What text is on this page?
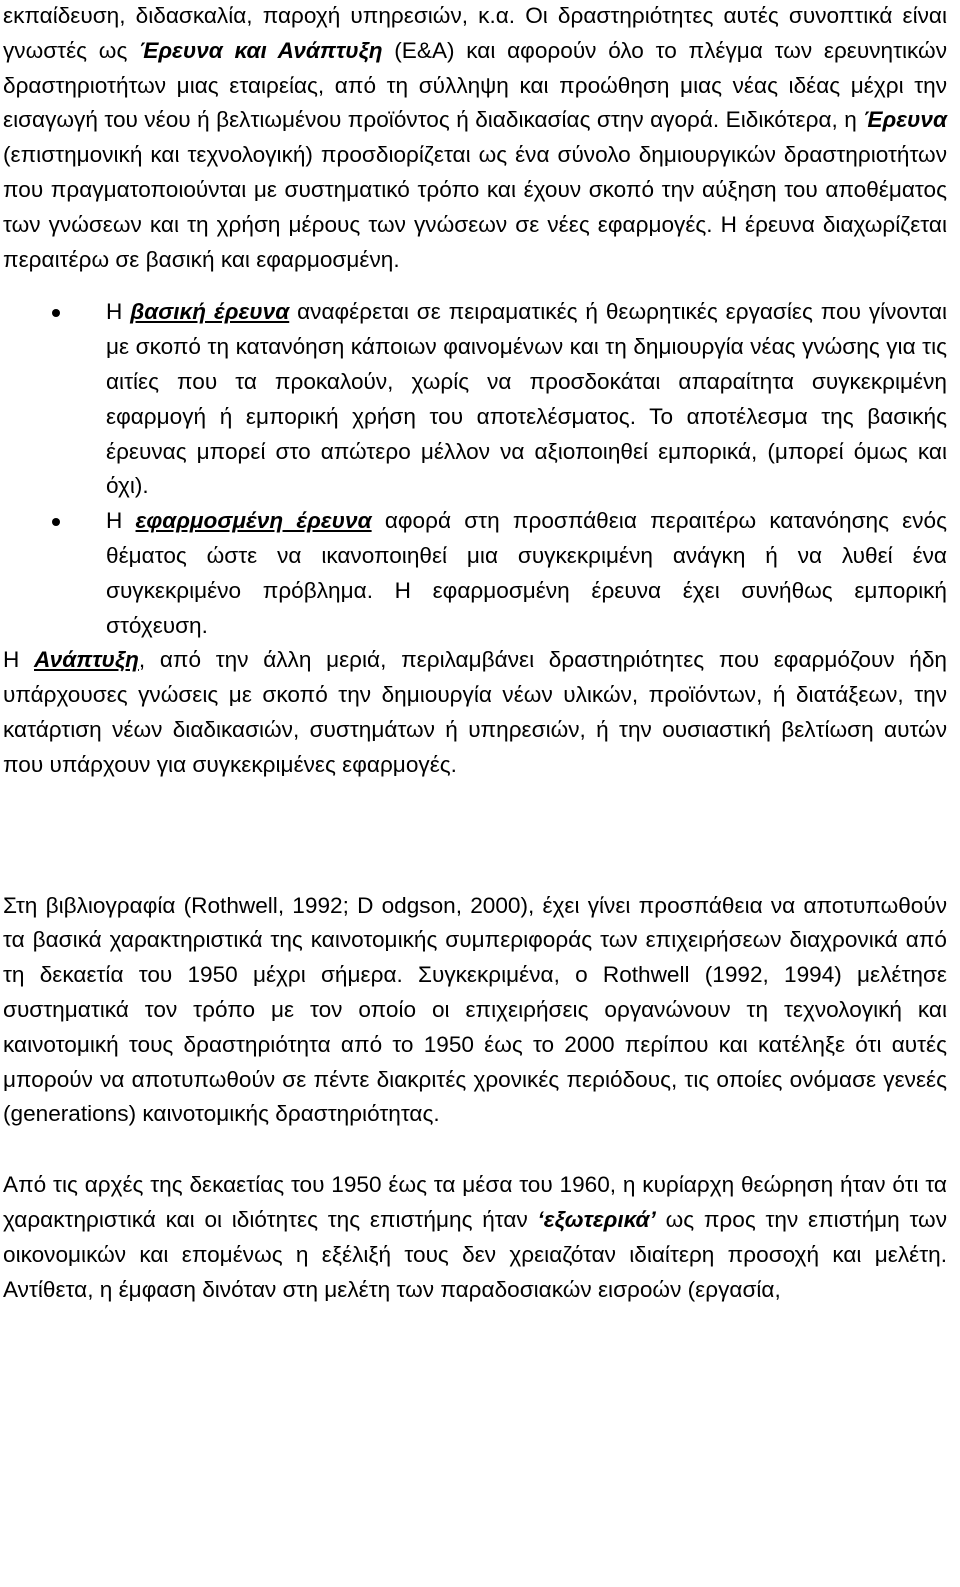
εκπαίδευση, διδασκαλία, παροχή υπηρεσιών, κ.α. Οι δραστηριότητες αυτές συνοπτικά είναι γνωστές ως Έρευνα και Ανάπτυξη (Ε&Α) και αφορούν όλο το πλέγμα των ερευνητικών δραστηριοτήτων μιας εταιρείας, από τη σύλληψη και προώθηση μιας νέας ιδέας μέχρι την εισαγωγή του νέου ή βελτιωμένου προϊόντος ή διαδικασίας στην αγορά. Ειδικότερα, η Έρευνα (επιστημονική και τεχνολογική) προσδιορίζεται ως ένα σύνολο δημιουργικών δραστηριοτήτων που πραγματοποιούνται με συστηματικό τρόπο και έχουν σκοπό την αύξηση του αποθέματος των γνώσεων και τη χρήση μέρους των γνώσεων σε νέες εφαρμογές. Η έρευνα διαχωρίζεται περαιτέρω σε βασική και εφαρμοσμένη.

Η βασική έρευνα αναφέρεται σε πειραματικές ή θεωρητικές εργασίες που γίνονται με σκοπό τη κατανόηση κάποιων φαινομένων και τη δημιουργία νέας γνώσης για τις αιτίες που τα προκαλούν, χωρίς να προσδοκάται απαραίτητα συγκεκριμένη εφαρμογή ή εμπορική χρήση του αποτελέσματος. Το αποτέλεσμα της βασικής έρευνας μπορεί στο απώτερο μέλλον να αξιοποιηθεί εμπορικά, (μπορεί όμως και όχι).
Η εφαρμοσμένη έρευνα αφορά στη προσπάθεια περαιτέρω κατανόησης ενός θέματος ώστε να ικανοποιηθεί μια συγκεκριμένη ανάγκη ή να λυθεί ένα συγκεκριμένο πρόβλημα. Η εφαρμοσμένη έρευνα έχει συνήθως εμπορική στόχευση.

Η Ανάπτυξη, από την άλλη μεριά, περιλαμβάνει δραστηριότητες που εφαρμόζουν ήδη υπάρχουσες γνώσεις με σκοπό την δημιουργία νέων υλικών, προϊόντων, ή διατάξεων, την κατάρτιση νέων διαδικασιών, συστημάτων ή υπηρεσιών, ή την ουσιαστική βελτίωση αυτών που υπάρχουν για συγκεκριμένες εφαρμογές.

Στη βιβλιογραφία (Rothwell, 1992; D odgson, 2000), έχει γίνει προσπάθεια να αποτυπωθούν τα βασικά χαρακτηριστικά της καινοτομικής συμπεριφοράς των επιχειρήσεων διαχρονικά από τη δεκαετία του 1950 μέχρι σήμερα. Συγκεκριμένα, ο Rothwell (1992, 1994) μελέτησε συστηματικά τον τρόπο με τον οποίο οι επιχειρήσεις οργανώνουν τη τεχνολογική και καινοτομική τους δραστηριότητα από το 1950 έως το 2000 περίπου και κατέληξε ότι αυτές μπορούν να αποτυπωθούν σε πέντε διακριτές χρονικές περιόδους, τις οποίες ονόμασε γενεές (generations) καινοτομικής δραστηριότητας.

Από τις αρχές της δεκαετίας του 1950 έως τα μέσα του 1960, η κυρίαρχη θεώρηση ήταν ότι τα χαρακτηριστικά και οι ιδιότητες της επιστήμης ήταν ‘εξωτερικά’ ως προς την επιστήμη των οικονομικών και επομένως η εξέλιξή τους δεν χρειαζόταν ιδιαίτερη προσοχή και μελέτη. Αντίθετα, η έμφαση δινόταν στη μελέτη των παραδοσιακών εισροών (εργασία,
